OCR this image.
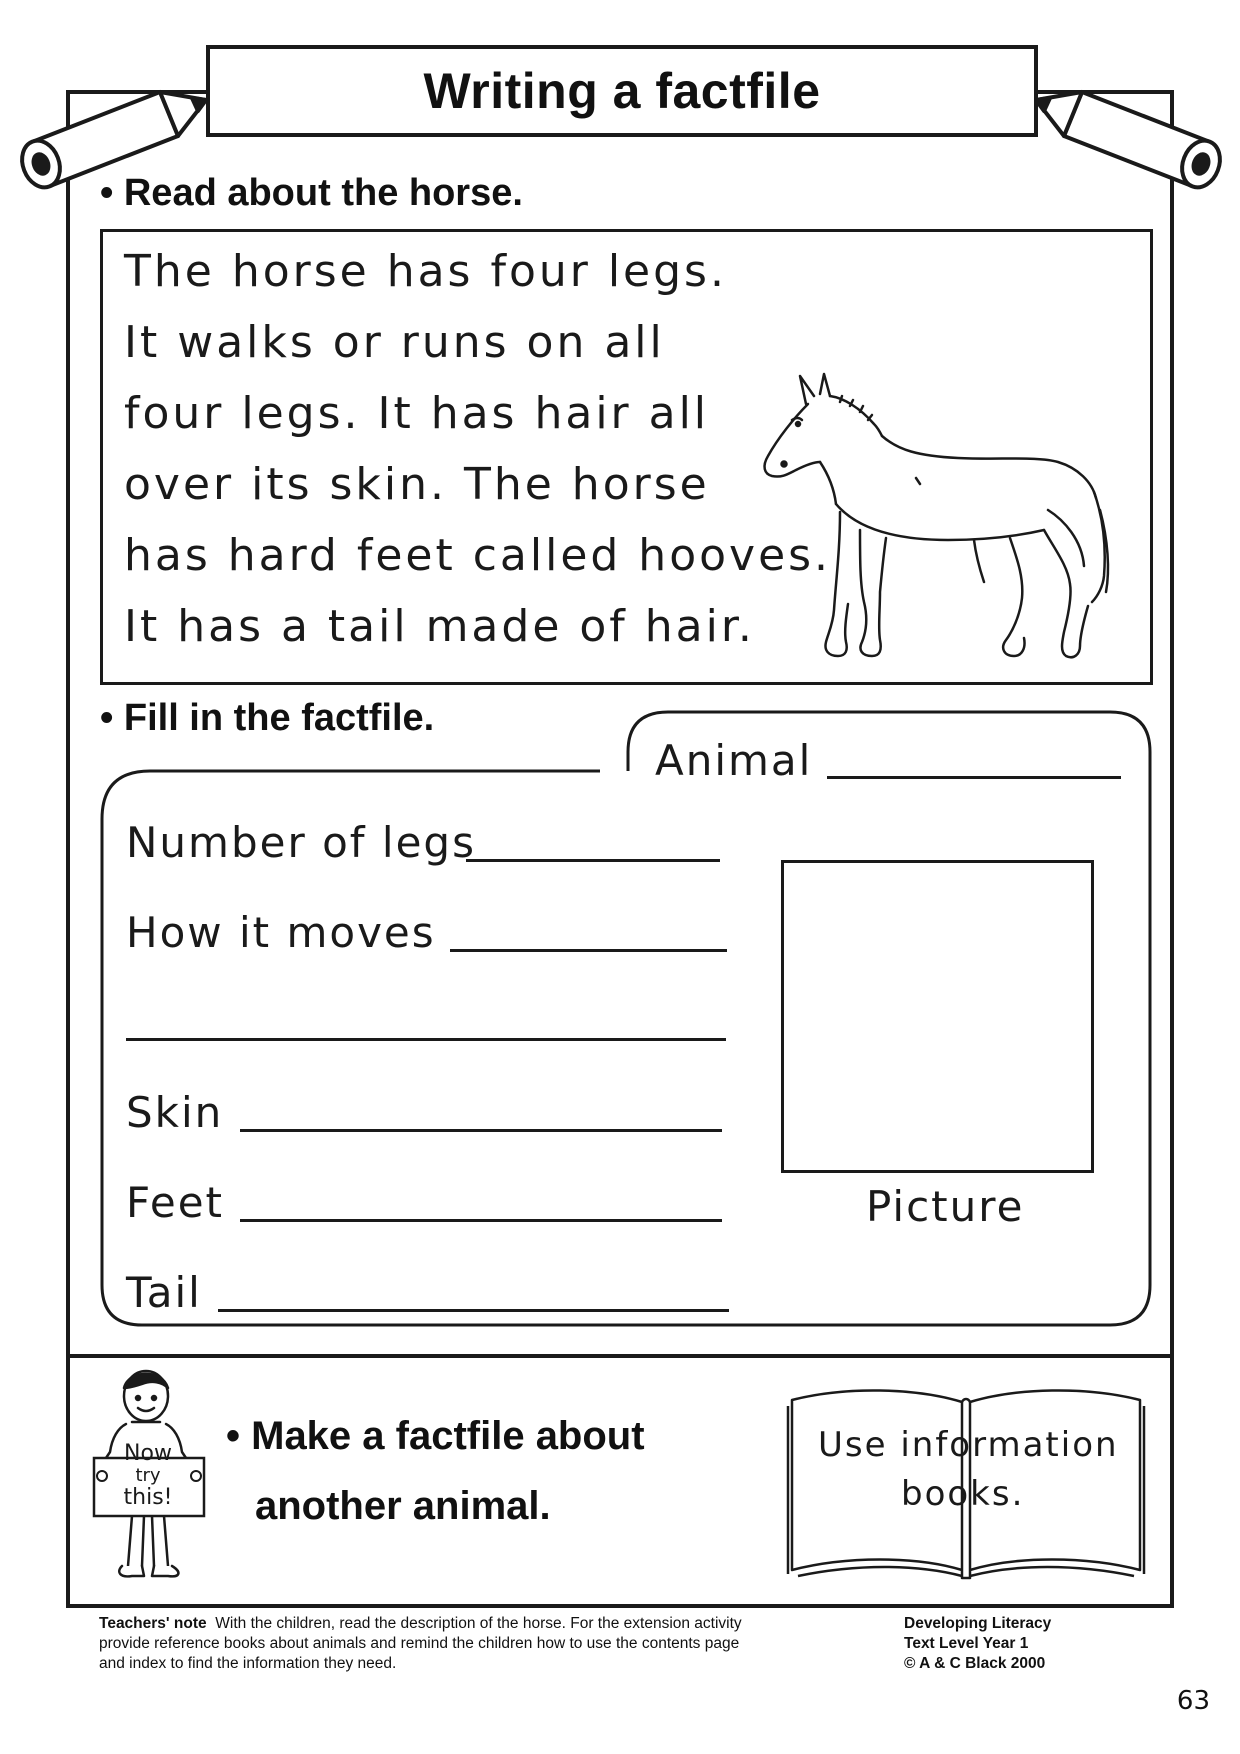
Writing a factfile
• Read about the horse.
The horse has four legs.
It walks or runs on all
four legs. It has hair all
over its skin. The horse
has hard feet called hooves.
It has a tail made of hair.
• Fill in the factfile.
Animal
Number of legs
How it moves
Skin
Feet
Tail
Picture
Now
try
this!
• Make a factfile about
another animal.
Use information
books.
Teachers' note With the children, read the description of the horse. For the extension activity
provide reference books about animals and remind the children how to use the contents page
and index to find the information they need.
Developing Literacy
Text Level Year 1
© A & C Black 2000
63
